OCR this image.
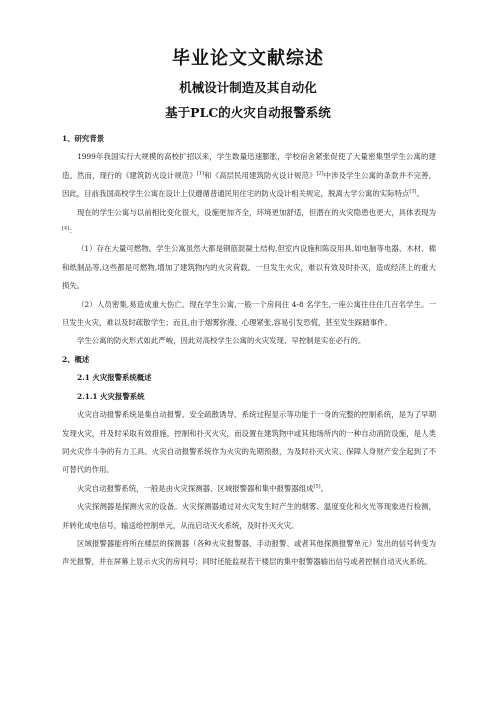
毕业论文文献综述
机械设计制造及其自动化
基于PLC的火灾自动报警系统
1、研究背景

1999年我国实行大规模的高校扩招以来，学生数量迅速膨胀，学校宿舍紧张促使了大量密集型学生公寓的建造。然而，现行的《建筑防火设计规范》[1]和《高层民用建筑防火设计规范》[2]中涉及学生公寓的条款并不完善，因此，目前我国高校学生公寓在设计上仅遵循普通民用住宅的防火设计相关规定，脱离大学公寓的实际特点[3]。

现在的学生公寓与以前相比变化很大，设施更加齐全，环境更加舒适，但潜在的火灾隐患也更大，具体表现为[4]：

（1）存在大量可燃物。学生公寓虽然大都是钢筋混凝土结构,但室内设施和陈设用具,如电脑等电器、木材、棉和纸制品等,这些都是可燃物,增加了建筑物内的火灾荷载。一旦发生火灾，难以有效及时扑灭，造成经济上的重大损失。

（2）人员密集,易造成重大伤亡。现在学生公寓,一般一个房间住 4-8 名学生,一座公寓往往住几百名学生。一旦发生火灾，难以及时疏散学生；而且,由于烟雾弥漫、心理紧张,容易引发恐慌，甚至发生踩踏事件。

学生公寓的防火形式如此严峻，因此对高校学生公寓的火灾发现、早控制是实在必行的。

2、概述
2.1 火灾报警系统概述
2.1.1 火灾报警系统

火灾自动报警系统是集自动报警、安全疏散诱导、系统过程显示等功能于一身的完整的控制系统，是为了早期发现火灾，并及时采取有效措施，控制和扑灭火灾，而设置在建筑物中或其他场所内的一种自动消防设施，是人类同火灾作斗争的有力工具。火灾自动报警系统作为火灾的先期预报，为及时扑灭火灾、保障人身财产安全起到了不可替代的作用。

火灾自动报警系统，一般是由火灾探测器、区域报警器和集中报警器组成[5]。

火灾探测器是探测火灾的设备。火灾探测器通过对火灾发生时产生的烟雾、温度变化和火光等现象进行检测，并转化成电信号，输送给控制单元，从而启动灭火系统，及时扑灭火灾。

区域报警器能将所在楼层的探测器（各种火灾报警器、手动报警、或者其他探测报警单元）发出的信号转变为声光报警，并在屏幕上显示火灾的房间号；同时还能监视若干楼层的集中报警器输出信号或者控制自动灭火系统。
